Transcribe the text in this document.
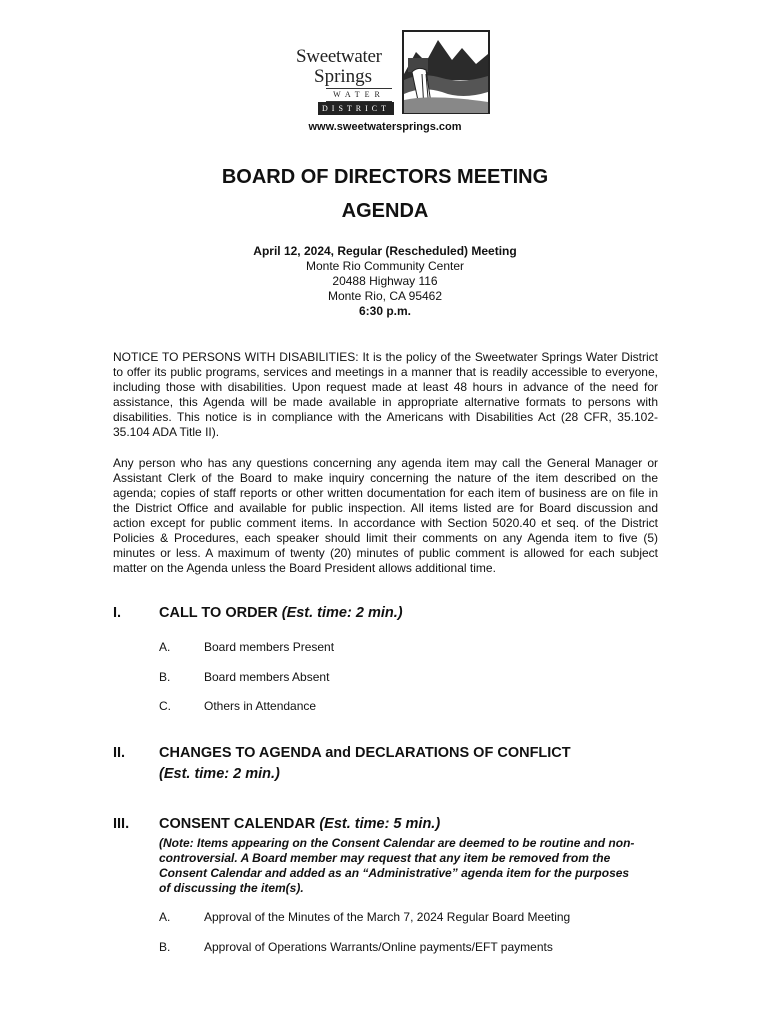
Sweetwater
Springs
WATER
DISTRICT
www.sweetwatersprings.com
BOARD OF DIRECTORS MEETING
AGENDA
April 12, 2024, Regular (Rescheduled) Meeting
Monte Rio Community Center
20488 Highway 116
Monte Rio, CA 95462
6:30 p.m.
NOTICE TO PERSONS WITH DISABILITIES: It is the policy of the Sweetwater Springs Water District to offer its public programs, services and meetings in a manner that is readily accessible to everyone, including those with disabilities. Upon request made at least 48 hours in advance of the need for assistance, this Agenda will be made available in appropriate alternative formats to persons with disabilities. This notice is in compliance with the Americans with Disabilities Act (28 CFR, 35.102-35.104 ADA Title II).
Any person who has any questions concerning any agenda item may call the General Manager or Assistant Clerk of the Board to make inquiry concerning the nature of the item described on the agenda; copies of staff reports or other written documentation for each item of business are on file in the District Office and available for public inspection. All items listed are for Board discussion and action except for public comment items. In accordance with Section 5020.40 et seq. of the District Policies & Procedures, each speaker should limit their comments on any Agenda item to five (5) minutes or less. A maximum of twenty (20) minutes of public comment is allowed for each subject matter on the Agenda unless the Board President allows additional time.
I.	CALL TO ORDER (Est. time: 2 min.)
A.	Board members Present
B.	Board members Absent
C.	Others in Attendance
II. CHANGES TO AGENDA and DECLARATIONS OF CONFLICT
(Est. time: 2 min.)
III. CONSENT CALENDAR (Est. time: 5 min.)
(Note: Items appearing on the Consent Calendar are deemed to be routine and non-controversial. A Board member may request that any item be removed from the Consent Calendar and added as an “Administrative” agenda item for the purposes of discussing the item(s).
A.	Approval of the Minutes of the March 7, 2024 Regular Board Meeting
B.	Approval of Operations Warrants/Online payments/EFT payments
